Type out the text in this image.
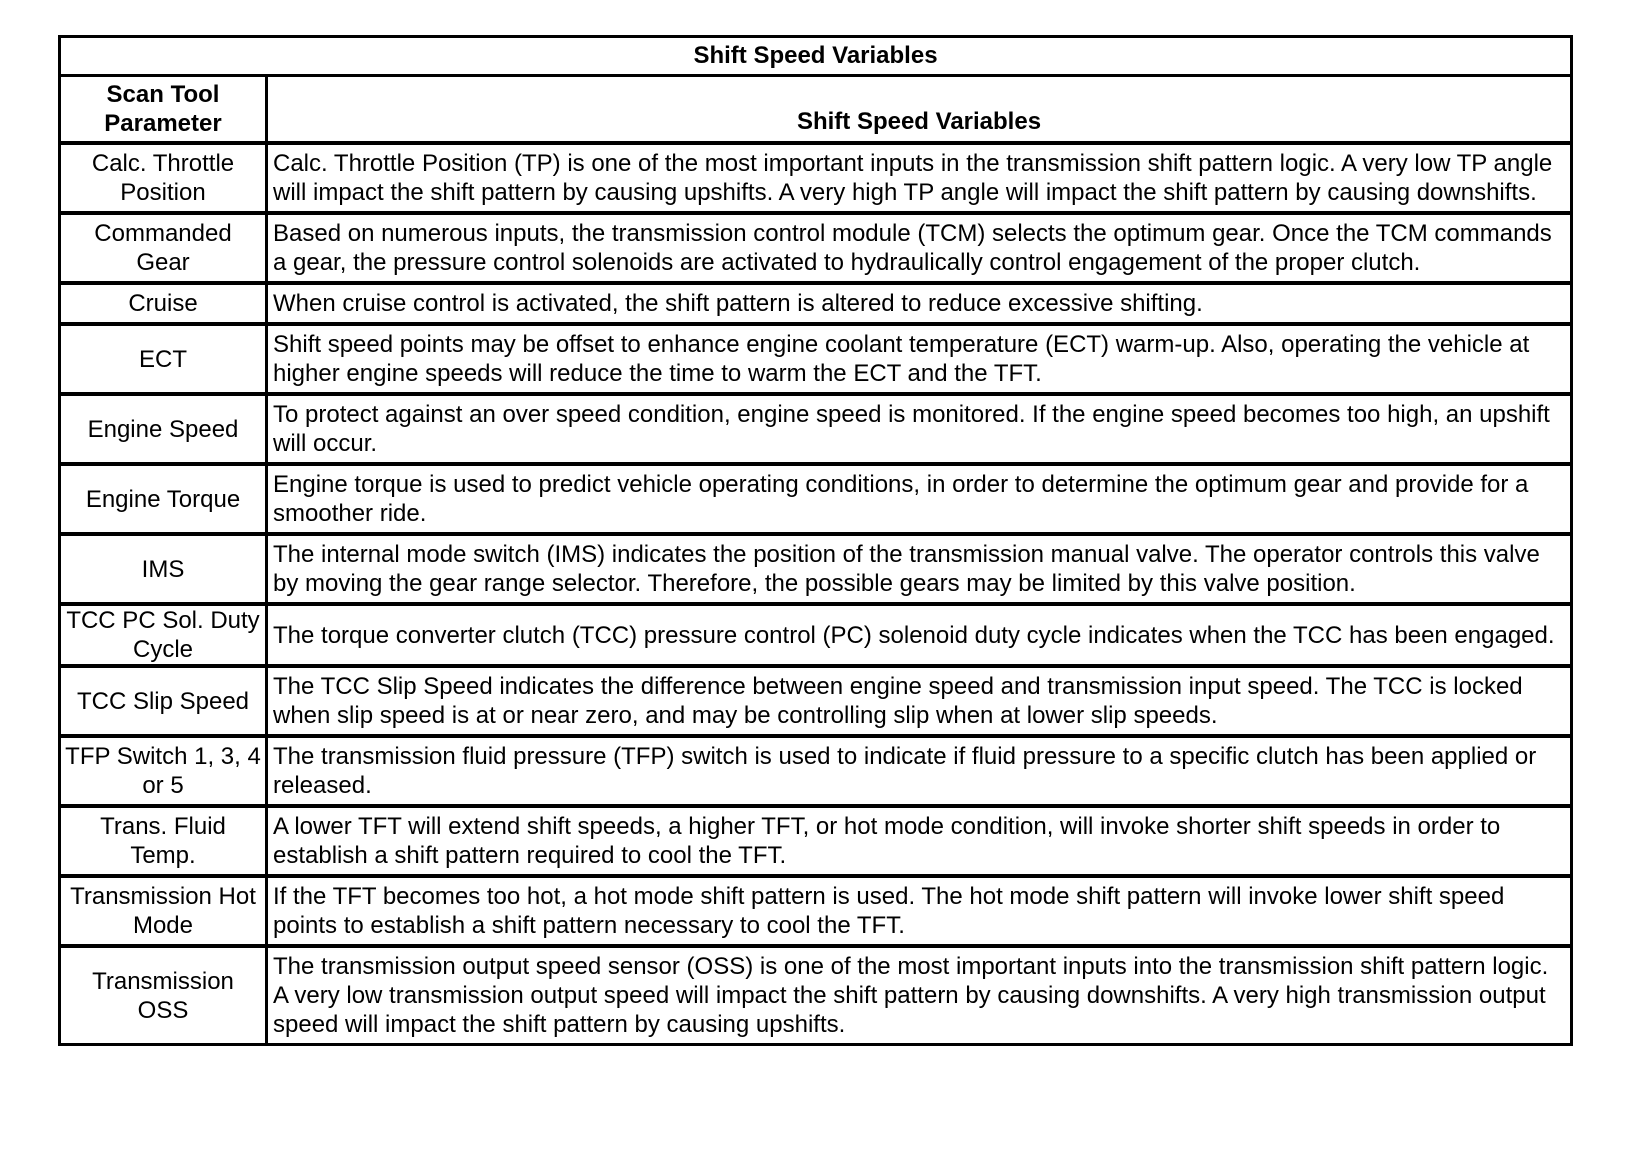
Shift Speed Variables	
Scan Tool Parameter	Shift Speed Variables
Calc. Throttle Position	Calc. Throttle Position (TP) is one of the most important inputs in the transmission shift pattern logic. A very low TP angle will impact the shift pattern by causing upshifts. A very high TP angle will impact the shift pattern by causing downshifts.
Commanded Gear	Based on numerous inputs, the transmission control module (TCM) selects the optimum gear. Once the TCM commands a gear, the pressure control solenoids are activated to hydraulically control engagement of the proper clutch.
Cruise	When cruise control is activated, the shift pattern is altered to reduce excessive shifting.
ECT	Shift speed points may be offset to enhance engine coolant temperature (ECT) warm-up. Also, operating the vehicle at higher engine speeds will reduce the time to warm the ECT and the TFT.
Engine Speed	To protect against an over speed condition, engine speed is monitored. If the engine speed becomes too high, an upshift will occur.
Engine Torque	Engine torque is used to predict vehicle operating conditions, in order to determine the optimum gear and provide for a smoother ride.
IMS	The internal mode switch (IMS) indicates the position of the transmission manual valve. The operator controls this valve by moving the gear range selector. Therefore, the possible gears may be limited by this valve position.
TCC PC Sol. Duty Cycle	The torque converter clutch (TCC) pressure control (PC) solenoid duty cycle indicates when the TCC has been engaged.
TCC Slip Speed	The TCC Slip Speed indicates the difference between engine speed and transmission input speed. The TCC is locked when slip speed is at or near zero, and may be controlling slip when at lower slip speeds.
TFP Switch 1, 3, 4 or 5	The transmission fluid pressure (TFP) switch is used to indicate if fluid pressure to a specific clutch has been applied or released.
Trans. Fluid Temp.	A lower TFT will extend shift speeds, a higher TFT, or hot mode condition, will invoke shorter shift speeds in order to establish a shift pattern required to cool the TFT.
Transmission Hot Mode	If the TFT becomes too hot, a hot mode shift pattern is used. The hot mode shift pattern will invoke lower shift speed points to establish a shift pattern necessary to cool the TFT.
Transmission OSS	The transmission output speed sensor (OSS) is one of the most important inputs into the transmission shift pattern logic. A very low transmission output speed will impact the shift pattern by causing downshifts. A very high transmission output speed will impact the shift pattern by causing upshifts.
